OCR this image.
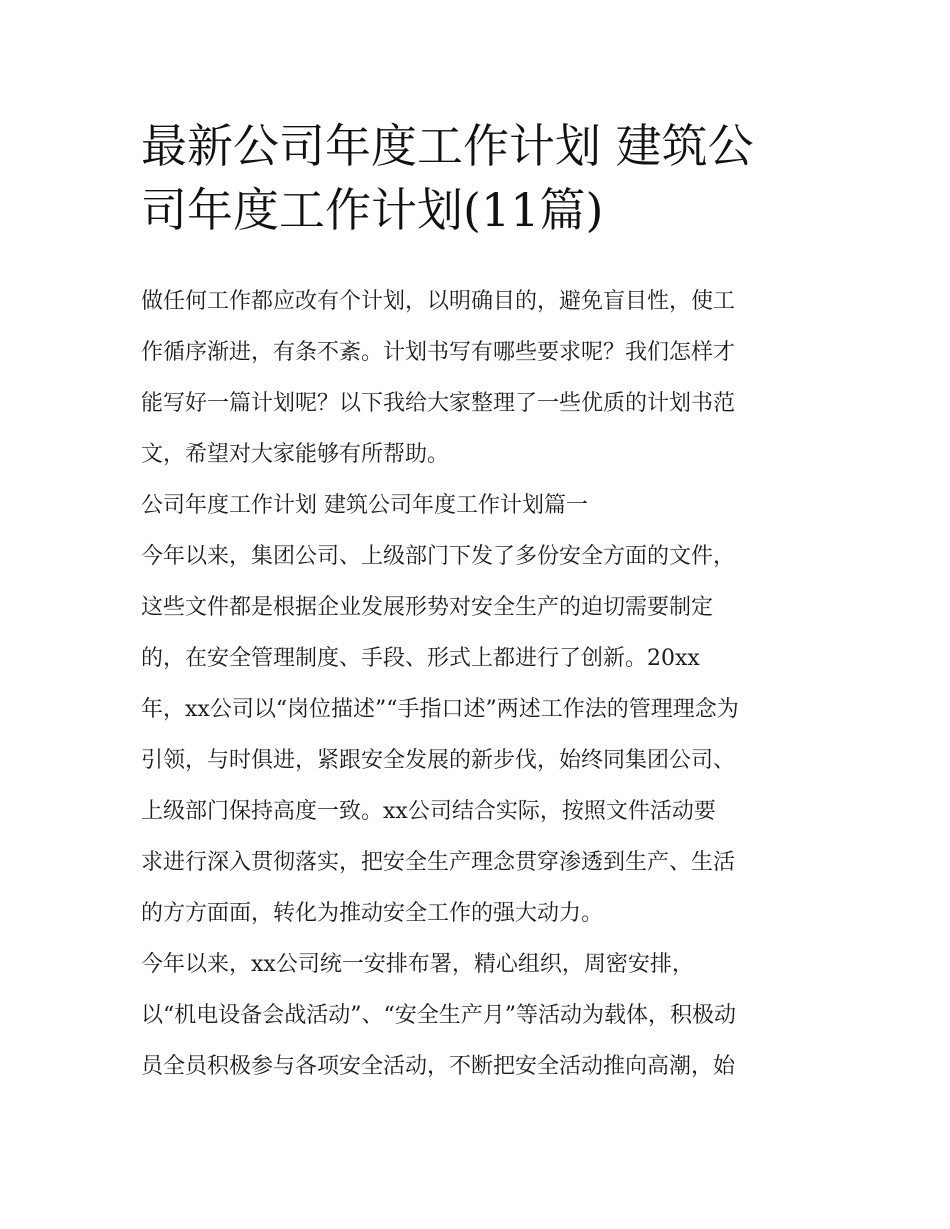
最新公司年度工作计划 建筑公
司年度工作计划(11篇)

做任何工作都应改有个计划，以明确目的，避免盲目性，使工

作循序渐进，有条不紊。计划书写有哪些要求呢？我们怎样才

能写好一篇计划呢？以下我给大家整理了一些优质的计划书范

文，希望对大家能够有所帮助。

公司年度工作计划 建筑公司年度工作计划篇一

今年以来，集团公司、上级部门下发了多份安全方面的文件，

这些文件都是根据企业发展形势对安全生产的迫切需要制定

的，在安全管理制度、手段、形式上都进行了创新。20xx

年，xx公司以“岗位描述”“手指口述”两述工作法的管理理念为

引领，与时俱进，紧跟安全发展的新步伐，始终同集团公司、

上级部门保持高度一致。xx公司结合实际，按照文件活动要

求进行深入贯彻落实，把安全生产理念贯穿渗透到生产、生活

的方方面面，转化为推动安全工作的强大动力。

今年以来，xx公司统一安排布署，精心组织，周密安排，

以“机电设备会战活动”、“安全生产月”等活动为载体，积极动

员全员积极参与各项安全活动，不断把安全活动推向高潮，始
